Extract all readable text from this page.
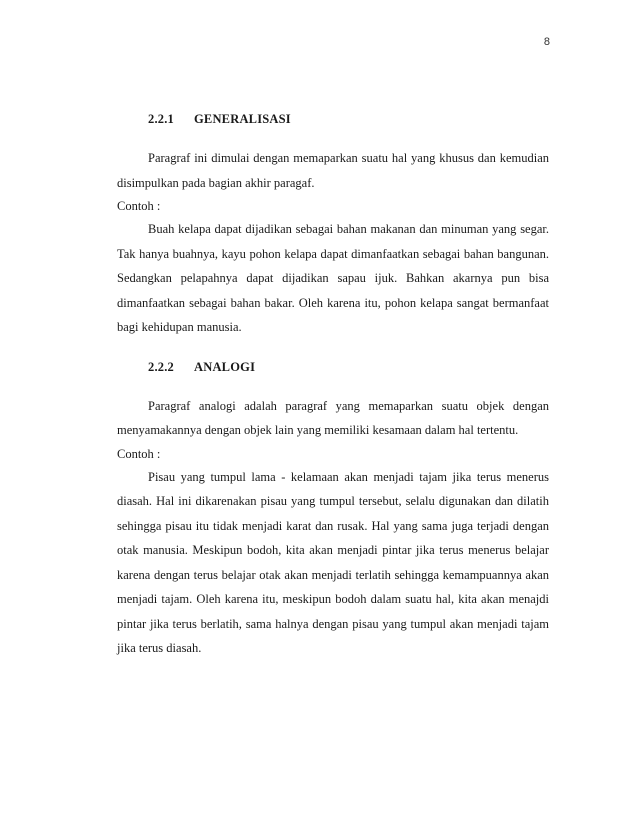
8
2.2.1	GENERALISASI

Paragraf ini dimulai dengan memaparkan suatu hal yang khusus dan kemudian disimpulkan pada bagian akhir paragaf.

Contoh :

Buah kelapa dapat dijadikan sebagai bahan makanan dan minuman yang segar. Tak hanya buahnya, kayu pohon kelapa dapat dimanfaatkan sebagai bahan bangunan. Sedangkan pelapahnya dapat dijadikan sapau ijuk. Bahkan akarnya pun bisa dimanfaatkan sebagai bahan bakar. Oleh karena itu, pohon kelapa sangat bermanfaat bagi kehidupan manusia.

2.2.2	ANALOGI

Paragraf analogi adalah paragraf yang memaparkan suatu objek dengan menyamakannya dengan objek lain yang memiliki kesamaan dalam hal tertentu.

Contoh :

Pisau yang tumpul lama - kelamaan akan menjadi tajam jika terus menerus diasah. Hal ini dikarenakan pisau yang tumpul tersebut, selalu digunakan dan dilatih sehingga pisau itu tidak menjadi karat dan rusak. Hal yang sama juga terjadi dengan otak manusia. Meskipun bodoh, kita akan menjadi pintar jika terus menerus belajar karena dengan terus belajar otak akan menjadi terlatih sehingga kemampuannya akan menjadi tajam. Oleh karena itu, meskipun bodoh dalam suatu hal, kita akan menajdi pintar jika terus berlatih, sama halnya dengan pisau yang tumpul akan menjadi tajam jika terus diasah.
